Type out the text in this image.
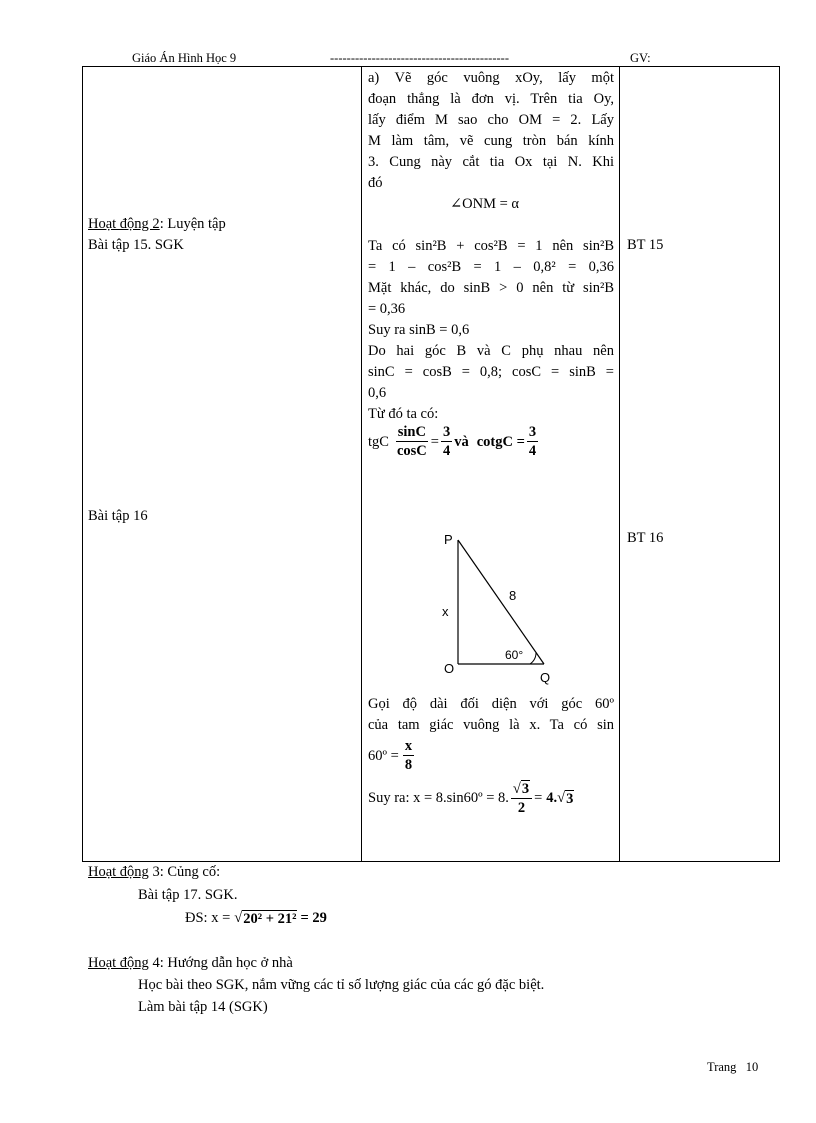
Giáo Án Hình Học 9	-------------------------------------------	GV:
Hoạt động 2: Luyện tập
Bài tập 15. SGK
Bài tập 16
a) Vẽ góc vuông xOy, lấy một
đoạn thẳng là đơn vị. Trên tia Oy,
lấy điểm M sao cho OM = 2. Lấy
M làm tâm, vẽ cung tròn bán kính
3. Cung này cắt tia Ox tại N. Khi
đó
∠ONM = α
Ta có sin²B + cos²B = 1 nên sin²B
= 1 – cos²B = 1 – 0,8² = 0,36
Mặt khác, do sinB > 0 nên từ sin²B
= 0,36
Suy ra sinB = 0,6
Do hai góc B và C phụ nhau nên
sinC = cosB = 0,8; cosC = sinB =
0,6
Từ đó ta có:
tgC $\frac{\sin C}{\cos C} = \frac{3}{4}$ và cotgC = $\frac{3}{4}$
P
O
Q
x
8
60°
Gọi độ dài đối diện với góc 60º
của tam giác vuông là x. Ta có sin
60º = $\frac{x}{8}$
Suy ra: x = 8.sin60º = 8. $\frac{√3}{2} = 4$. √ 3
BT 15
BT 16
Hoạt động 3: Củng cố:
Bài tập 17. SGK.
ĐS: x = √ 20² + 21² = 29
Hoạt động 4: Hướng dẫn học ở nhà
Học bài theo SGK, nắm vững các tỉ số lượng giác của các gó đặc biệt.
Làm bài tập 14 (SGK)
Trang 10
